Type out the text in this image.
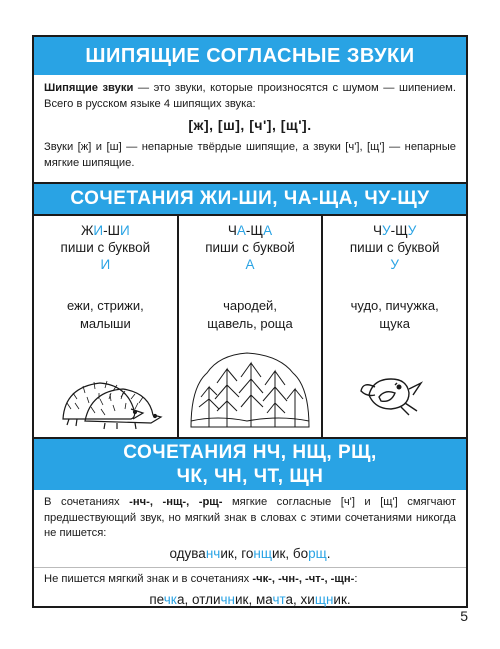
ШИПЯЩИЕ СОГЛАСНЫЕ ЗВУКИ

Шипящие звуки — это звуки, которые произносятся с шумом — шипением. Всего в русском языке 4 шипящих звука:

[ж], [ш], [ч'], [щ'].

Звуки [ж] и [ш] — непарные твёрдые шипящие, а звуки [ч'], [щ'] — непарные мягкие шипящие.

СОЧЕТАНИЯ ЖИ-ШИ, ЧА-ЩА, ЧУ-ЩУ
ЖИ-ШИ
пиши с буквой
И
ежи, стрижи,
малыши
ЧА-ЩА
пиши с буквой
А
чародей,
щавель, роща
ЧУ-ЩУ
пиши с буквой
У
чудо, пичужка,
щука
СОЧЕТАНИЯ НЧ, НЩ, РЩ,
ЧК, ЧН, ЧТ, ЩН

В сочетаниях -нч-, -нщ-, -рщ- мягкие согласные [ч'] и [щ'] смягчают предшествующий звук, но мягкий знак в словах с этими сочетаниями никогда не пишется:

одуванчик, гонщик, борщ.

Не пишется мягкий знак и в сочетаниях -чк-, -чн-, -чт-, -щн-:

печка, отличник, мачта, хищник.

5
